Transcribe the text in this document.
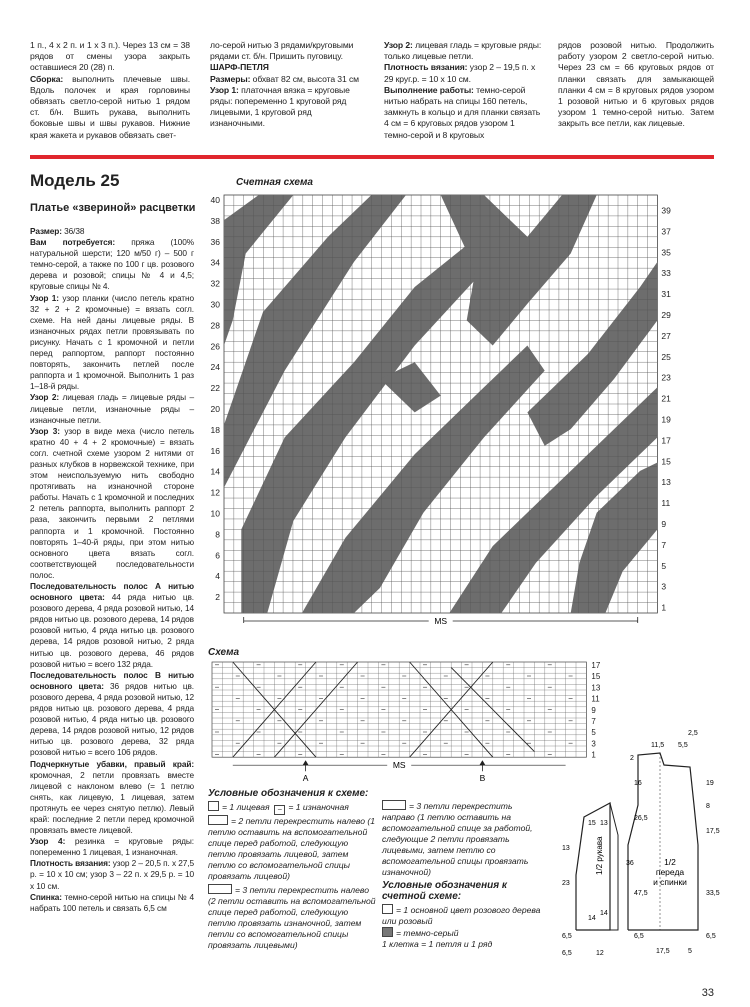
1 п., 4 х 2 п. и 1 х 3 п.). Через 13 см = 38 рядов от смены узора закрыть оставшиеся 20 (28) п.

Сборка: выполнить плечевые швы. Вдоль полочек и края горловины обвязать светло-серой нитью 1 рядом ст. б/н. Вшить рукава, выполнить боковые швы и швы рукавов. Нижние края жакета и рукавов обвязать свет-

ло-серой нитью 3 рядами/круговыми рядами ст. б/н. Пришить пуговицу.

ШАРФ-ПЕТЛЯ

Размеры: обхват 82 см, высота 31 см

Узор 1: платочная вязка = круговые ряды: попеременно 1 круговой ряд лицевыми, 1 круговой ряд изнаночными.

Узор 2: лицевая гладь = круговые ряды: только лицевые петли.

Плотность вязания: узор 2 – 19,5 п. x 29 круг.р. = 10 x 10 см.

Выполнение работы: темно-серой нитью набрать на спицы 160 петель, замкнуть в кольцо и для планки связать 4 см = 6 круговых рядов узором 1 темно-серой и 8 круговых

рядов розовой нитью. Продолжить работу узором 2 светло-серой нитью. Через 23 см = 66 круговых рядов от планки связать для замыкающей планки 4 см = 8 круговых рядов узором 1 розовой нитью и 6 круговых рядов узором 1 темно-серой нитью. Затем закрыть все петли, как лицевые.

Модель 25
Платье «звериной» расцветки

Размер: 36/38

Вам потребуется: пряжа (100% натуральной шерсти; 120 м/50 г) – 500 г темно-серой, а также по 100 г цв. розового дерева и розовой; спицы № 4 и 4,5; круговые спицы № 4.

Узор 1: узор планки (число петель кратно 32 + 2 + 2 кромочные) = вязать согл. схеме. На ней даны лицевые ряды. В изнаночных рядах петли провязывать по рисунку. Начать с 1 кромочной и петли перед раппортом, раппорт постоянно повторять, закончить петлей после раппорта и 1 кромочной. Выполнить 1 раз 1–18-й ряды.

Узор 2: лицевая гладь = лицевые ряды – лицевые петли, изнаночные ряды – изнаночные петли.

Узор 3: узор в виде меха (число петель кратно 40 + 4 + 2 кромочные) = вязать согл. счетной схеме узором 2 нитями от разных клубков в норвежской технике, при этом неиспользуемую нить свободно протягивать на изнаночной стороне работы. Начать с 1 кромочной и последних 2 петель раппорта, выполнить раппорт 2 раза, закончить первыми 2 петлями раппорта и 1 кромочной. Постоянно повторять 1–40-й ряды, при этом нитью основного цвета вязать согл. соответствующей последовательности полос.

Последовательность полос А нитью основного цвета: 44 ряда нитью цв. розового дерева, 4 ряда розовой нитью, 14 рядов нитью цв. розового дерева, 14 рядов розовой нитью, 4 ряда нитью цв. розового дерева, 14 рядов розовой нитью, 2 ряда нитью цв. розового дерева, 46 рядов розовой нитью = всего 132 ряда.

Последовательность полос В нитью основного цвета: 36 рядов нитью цв. розового дерева, 4 ряда розовой нитью, 12 рядов нитью цв. розового дерева, 4 ряда розовой нитью, 4 ряда нитью цв. розового дерева, 14 рядов розовой нитью, 12 рядов нитью цв. розового дерева, 32 ряда розовой нитью = всего 106 рядов.

Подчеркнутые убавки, правый край: кромочная, 2 петли провязать вместе лицевой с наклоном влево (= 1 петлю снять, как лицевую, 1 лицевая, затем протянуть ее через снятую петлю). Левый край: последние 2 петли перед кромочной провязать вместе лицевой.

Узор 4: резинка = круговые ряды: попеременно 1 лицевая, 1 изнаночная.

Плотность вязания: узор 2 – 20,5 п. x 27,5 р. = 10 x 10 см; узор 3 – 22 п. x 29,5 р. = 10 x 10 см.

Спинка: темно-серой нитью на спицы № 4 набрать 100 петель и связать 6,5 см

Счетная схема
40
38
36
34
32
30
28
26
24
22
20
18
16
14
12
10
8
6
4
2
39
37
35
33
31
29
27
25
23
21
19
17
15
13
11
9
7
5
3
1
MS
Схема
17
15
13
11
9
7
5
3
1
A	B
MS
Условные обозначения к схеме:
= 1 лицевая – = 1 изнаночная
= 2 петли перекрестить налево (1 петлю оставить на вспомогательной спице перед работой, следующую петлю провязать лицевой, затем петлю со вспомогательной спицы провязать лицевой)
= 3 петли перекрестить налево (2 петли оставить на вспомогательной спице перед работой, следующую петлю провязать изнаночной, затем петли со вспомогательной спицы провязать лицевыми)
= 3 петли перекрестить направо (1 петлю оставить на вспомогательной спице за работой, следующие 2 петли провязать лицевыми, затем петлю со вспомогательной спицы провязать изнаночной)
Условные обозначения к счетной схеме:
= 1 основной цвет розового дерева или розовый
= темно-серый
1 клетка = 1 петля и 1 ряд
1/2 рукава	1/2
переда
и спинки
15
13
23
14
6,5
36
13
14
6,5	12
2
11,5 5,5
2,5
16
26,5
47,5
6,5
19
8
17,5
33,5
6,5
17,5	5
33
